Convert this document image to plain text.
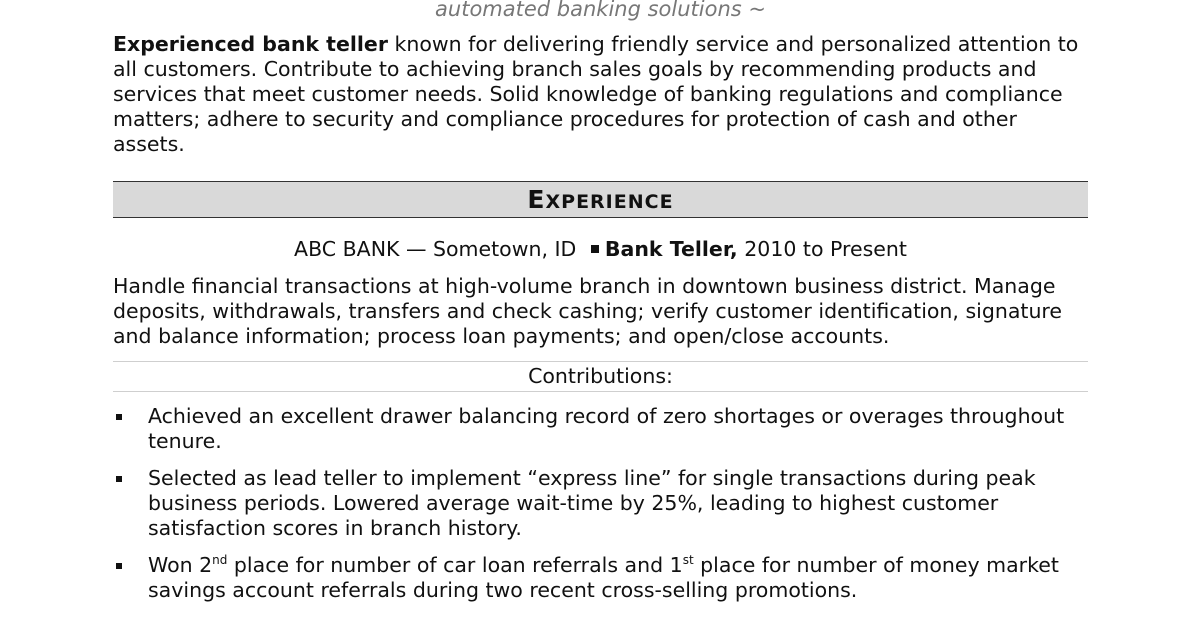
automated banking solutions ~
Experienced bank teller known for delivering friendly service and personalized attention to all customers. Contribute to achieving branch sales goals by recommending products and services that meet customer needs. Solid knowledge of banking regulations and compliance matters; adhere to security and compliance procedures for protection of cash and other assets.
EXPERIENCE
ABC BANK — Sometown, ID Bank Teller, 2010 to Present
Handle financial transactions at high-volume branch in downtown business district. Manage deposits, withdrawals, transfers and check cashing; verify customer identification, signature and balance information; process loan payments; and open/close accounts.
Contributions:
Achieved an excellent drawer balancing record of zero shortages or overages throughout tenure.
Selected as lead teller to implement “express line” for single transactions during peak business periods. Lowered average wait-time by 25%, leading to highest customer satisfaction scores in branch history.
Won 2nd place for number of car loan referrals and 1st place for number of money market savings account referrals during two recent cross-selling promotions.
